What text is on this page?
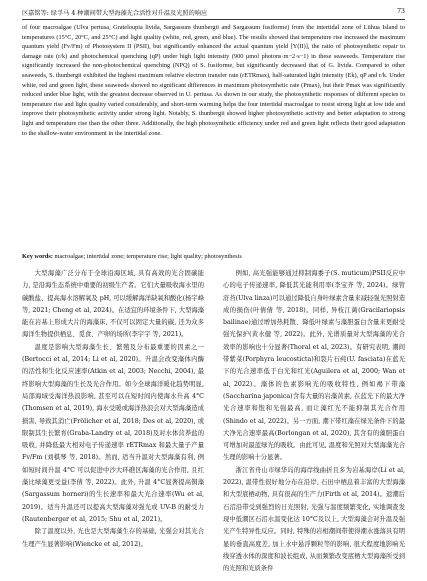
区嘉铭等: 绿孚马 4 种潮间带大型海藻光合活性对升温及光照的响应	73

of four macroalgae (Ulva pertusa, Grateloupia livida, Sargassum thunbergii and Sargassum fusiforme) from the intertidal zone of Lühua Island to temperatures (15°C, 20°C, and 25°C) and light quality (white, red, green, and blue). The results showed that temperature rise increased the maximum quantum yield (Fv/Fm) of Photosystem II (PSII), but significantly enhanced the actual quantum yield [Y(II)], the ratio of photosynthetic repair to damage rate (r/k) and photochemical quenching (qP) under high light intensity (900 μmol photons·m−2·s−1) in these seaweeds. Temperature rise significantly increased the non-photochemical quenching (NPQ) of S. fusiforme, but significantly decreased that of G. livida. Compared to other seaweeds, S. thunbergii exhibited the highest maximum relative electron transfer rate (rETRmax), half-saturated light intensity (Ek), qP and r/k. Under white, red and green light, these seaweeds showed no significant differences in maximum photosynthetic rate (Pmax), but their Pmax was significantly reduced under blue light, with the greatest decrease observed in U. pertusa. As shown in our study, the photosynthetic responses of different species to temperature rise and light quality varied considerably, and short-term warming helps the four intertidal macroalgae to resist strong light at low tide and improve their photosynthetic activity under strong light. Notably, S. thunbergii showed higher photosynthetic activity and better adaptation to strong light and temperature rise than the other three. Additionally, the high photosynthetic efficiency under red and green light reflects their good adaptation to the shallow-water environment in the intertidal zone.

Key words: macroalgae; intertidal zone; temperature rise; light quality; photosynthesis

大型海藻广泛分布于全球沿海区域, 具有高效的光合固碳能力, 是沿海生态系统中重要的初级生产者。它们大量吸收海水里的碳酸盐、提高海水溶解氧及 pH, 可以缓解海洋缺氧和酸化(杨宇峰 等, 2021; Cheng et al, 2024)。在适宜的环境条件下, 大型海藻能在岩基上形成大片的海藻床, 不仅可以固定大量的碳, 还为众多海洋生物提供栖息、觅食、产卵的场所(李宇宇 等, 2021)。

温度是影响大型海藻生长、繁殖及分布最重要的因素之一(Bertocci et al, 2014; Li et al, 2020)。升温会改变藻体内酶的活性和生化反应速率(Atkin et al, 2003; Necchi, 2004), 最终影响大型海藻的生长及光合作用。如今全球海洋暖化趋势明显, 局部海域受海洋热浪影响, 甚至可以在短时间内使海水升高 4°C (Thomsen et al, 2019), 海水受暖或海洋热浪会对大型海藻造成损害, 导致其消亡(Frölicher et al, 2018; Des et al, 2020), 或限制其生长繁育(Graba-Landry et al, 2018)及对水体营养盐的吸收, 并降低最大相对电子传递速率 rETRmax 和最大量子产量 Fv/Fm (刘棋琴 等, 2018)。然而, 适当升温对大型海藻有利, 例如短时间升温 4°C 可以促进中沙大环礁区海藻的光合作用, 且红藻比绿藻更受益(李倩 等, 2022)。此外, 升温 4°C显著提高铜藻(Sargassum horneri)的生长速率和最大光合速率(Wu et al, 2019)。适当升温还可以提高大型海藻对强光或 UV-B 的耐受力(Rautenberger et al, 2015; Shu et al, 2021)。

除了温度以外, 光也是大型海藻生存的基础, 光强会对其光合生理产生显著影响(Wiencke et al, 2012)。

例如, 高光强能够通过抑制海黍子(S. muticum)PSII反应中心的电子传递速率, 降低其光能利用率(李宝齐 等, 2024)。绿管浒苔(Ulva linza)可以通过降低自身叶绿素含量来减轻强光照射造成的损伤(叶倩倩 等, 2018)。同样, 异枝江蓠(Gracilariopsis bailinae)通过增加热耗散、降低叶绿素与藻胆蛋白含量来更耐受强光保护(黄水健 等, 2022)。此外, 光谱质量对大型海藻的光合效率的影响也十分显著(Thoral et al, 2023)。有研究表明, 潮间带紫菜(Porphyra leucosticta)和裂片石莼(U. fasciata)在蓝光下的光合速率低于白光和红光(Aguilera et al, 2000; Wan et al, 2022)。藻体的色素影响光的吸收特性, 例如褐下带藻(Saccharina japonica)含有大量的岩藻黄素, 在蓝光下的最大净光合速率和饱和光强最高, 而让藻红光不能抑制其光合作用(Shindo et al, 2022)。另一方面, 潮下带红藻在绿光条件下的最大净光合速率最高(Borlongan et al, 2020), 其含有的藻胆蛋白可增加对最蓝绿光的吸收。由此可见, 温度和光照对大型海藻光合生理的影响十分显著。

浙江省舟山市绿华岛的海岸线曲折且多为岩基海岸(Li et al, 2022), 温带性很好地分布在沿岸, 石田中栖息着丰富的大型海藻和大型底栖动物, 具有很高的生产力(Firth et al, 2014)。退潮后石沼沿带受到强烈的日光照射, 光强与温度频繁变化, 实地调查发现中低潮区石沼水温变化达 10°C及以上, 大型海藻会对升温及强光产生特异性反应。同时, 特殊的岩相潮间带使得潮水涨落具有明显的垂直高度差, 加上水中悬浮颗粒等的影响, 很大程度地影响光线穿透水体的深度和波长组成, 从而频繁改变底栖大型海藻所受到的光照和光质条件
